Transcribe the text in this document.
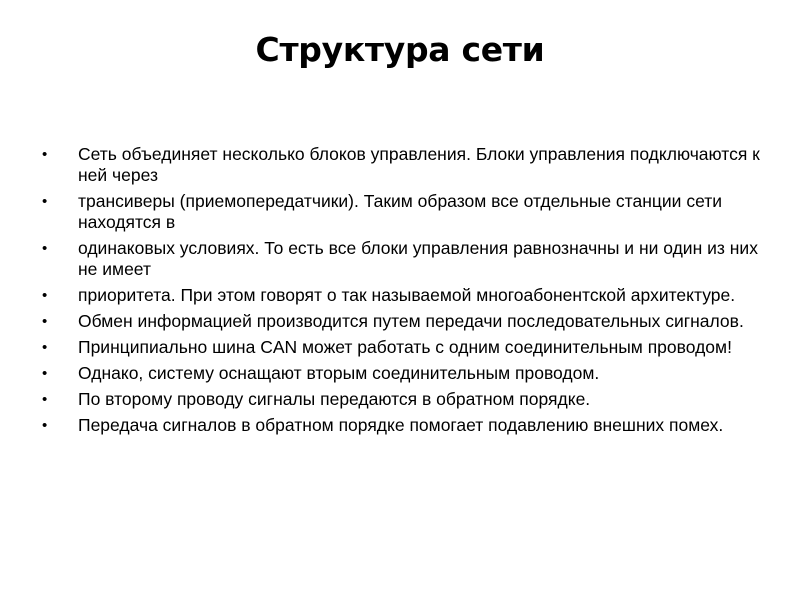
Структура сети
•	Сеть объединяет несколько блоков управления. Блоки управления подключаются к ней через
•	трансиверы (приемопередатчики). Таким образом все отдельные станции сети находятся в
•	одинаковых условиях. То есть все блоки управления равнозначны и ни один из них не имеет
•	приоритета. При этом говорят о так называемой многоабонентской архитектуре.
•	Обмен информацией производится путем передачи последовательных сигналов.
•	Принципиально шина CAN может работать с одним соединительным проводом!
•	Однако, систему оснащают вторым соединительным проводом.
•	По второму проводу сигналы передаются в обратном порядке.
•	Передача сигналов в обратном порядке помогает подавлению внешних помех.
